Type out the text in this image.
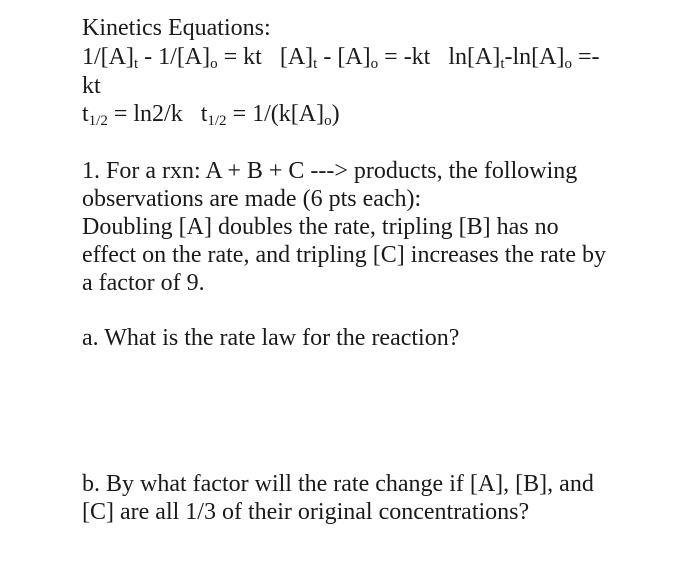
Kinetics Equations:
$1/[A]_t - 1/[A]_o$ = kt $[A]_t - [A]_o = -kt$ $\ln[A]_t-\ln[A]_o$ =-
kt
$t_{1/2} = \ln 2/k$ $t_{1/2} = 1/(k[A]_o)$
1. For a rxn: A + B + C ---> products, the following
observations are made (6 pts each):
Doubling [A] doubles the rate, tripling [B] has no
effect on the rate, and tripling [C] increases the rate by
a factor of 9.
a. What is the rate law for the reaction?
b. By what factor will the rate change if [A], [B], and
[C] are all 1/3 of their original concentrations?
